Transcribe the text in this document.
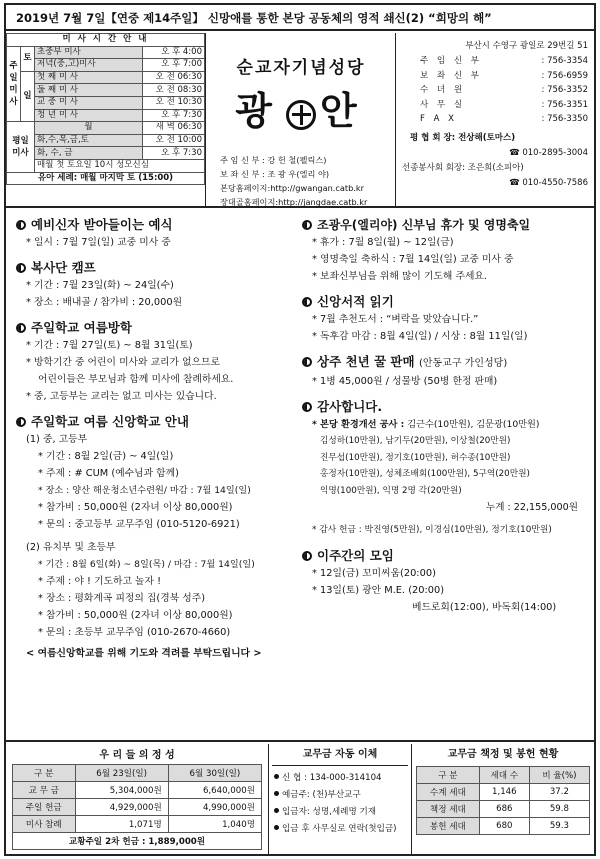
2019년 7월 7일【연중 제14주일】 신망애를 통한 본당 공동체의 영적 쇄신(2) “희망의 해”
미 사 시 간 안 내			
주일미사	토	초중부 미사	오 후 4:00
		저녁(중,고)미사	오 후 7:00
	일	첫 째 미 사	오 전 06:30
		둘 째 미 사	오 전 08:30
		교 중 미 사	오 전 10:30
		청 년 미 사	오 후 7:30
평일미사		월	새 벽 06:30
		화,수,목,금,토	오 전 10:00
		화, 수, 금	오 후 7:30
		매월 첫 토요일 10시 성모신심	
유아 세례: 매월 마지막 토 (15:00)			
순교자기념성당
광 안
주 임 신 부 : 강 헌 철(펠릭스)
보 좌 신 부 : 조 광 우(엘리 야)
본당홈페이지:http://gwangan.catb.kr
장대골홈페이지:http://jangdae.catb.kr
부산시 수영구 광일로 29번길 51
주 임 신 부	: 756-3354
보 좌 신 부	: 756-6959
수 녀 원	: 756-3352
사 무 실	: 756-3351
F A X	: 756-3350
평 협 회 장: 전상해(토마스)
☎ 010-2895-3004
선종봉사회 회장: 조은희(소피아)
☎ 010-4550-7586
예비신자 받아들이는 예식
* 일시 : 7월 7일(일) 교중 미사 중
복사단 캠프
* 기간 : 7월 23일(화) ~ 24일(수)
* 장소 : 배내골 / 참가비 : 20,000원
주일학교 여름방학
* 기간 : 7월 27일(토) ~ 8월 31일(토)
* 방학기간 중 어린이 미사와 교리가 없으므로
어린이들은 부모님과 함께 미사에 참례하세요.
* 중, 고등부는 교리는 없고 미사는 있습니다.
주일학교 여름 신앙학교 안내
(1) 중, 고등부
* 기간 : 8월 2일(금) ~ 4일(일)
* 주제 : # CUM (예수님과 함께)
* 장소 : 양산 해운청소년수련원/ 마감 : 7월 14일(일)
* 참가비 : 50,000원 (2자녀 이상 80,000원)
* 문의 : 중고등부 교무주임 (010-5120-6921)
(2) 유치부 및 초등부
* 기간 : 8월 6일(화) ~ 8일(목) / 마감 : 7월 14일(일)
* 주제 : 야 ! 기도하고 놀자 !
* 장소 : 평화계곡 피정의 집(경북 성주)
* 참가비 : 50,000원 (2자녀 이상 80,000원)
* 문의 : 초등부 교무주임 (010-2670-4660)
< 여름신앙학교를 위해 기도와 격려를 부탁드립니다 >
조광우(엘리야) 신부님 휴가 및 영명축일
* 휴가 : 7월 8일(월) ~ 12일(금)
* 영명축일 축하식 : 7월 14일(일) 교중 미사 중
* 보좌신부님을 위해 많이 기도해 주세요.
신앙서적 읽기
* 7월 추천도서 : “벼락을 맞았습니다.”
* 독후감 마감 : 8월 4일(일) / 시상 : 8월 11일(일)
상주 천년 꿀 판매 (안동교구 가인성당)
* 1병 45,000원 / 성물방 (50병 한정 판매)
감사합니다.
* 본당 환경개선 공사 : 김근수(10만원), 김문광(10만원)
김성하(10만원), 남기두(20만원), 이상철(20만원)
진무섭(10만원), 정기호(10만원), 허수종(10만원)
홍정자(10만원), 성체조배회(100만원), 5구역(20만원)
익명(100만원), 익명 2명 각(20만원)
누계 : 22,155,000원
* 감사 헌금 : 박진영(5만원), 이경심(10만원), 정기호(10만원)
이주간의 모임
* 12일(금) 꼬미씨움(20:00)
* 13일(토) 광안 M.E. (20:00)
베드로회(12:00), 바독회(14:00)
우 리 들 의 정 성		
구 분	6월 23일(일)	6월 30일(일)
교 무 금	5,304,000원	6,640,000원
주일 헌금	4,929,000원	4,990,000원
미사 참례	1,071명	1,040명
교황주일 2차 헌금 : 1,889,000원		
교무금 자동 이체
신 협 : 134-000-314104
예금주: (천)부산교구
입금자: 성명,세례명 기재
입금 후 사무실로 연락(첫입금)
교무금 책정 및 봉헌 현황
구 분	세대 수	비 율(%)
수계 세대	1,146	37.2
책정 세대	686	59.8
봉헌 세대	680	59.3
